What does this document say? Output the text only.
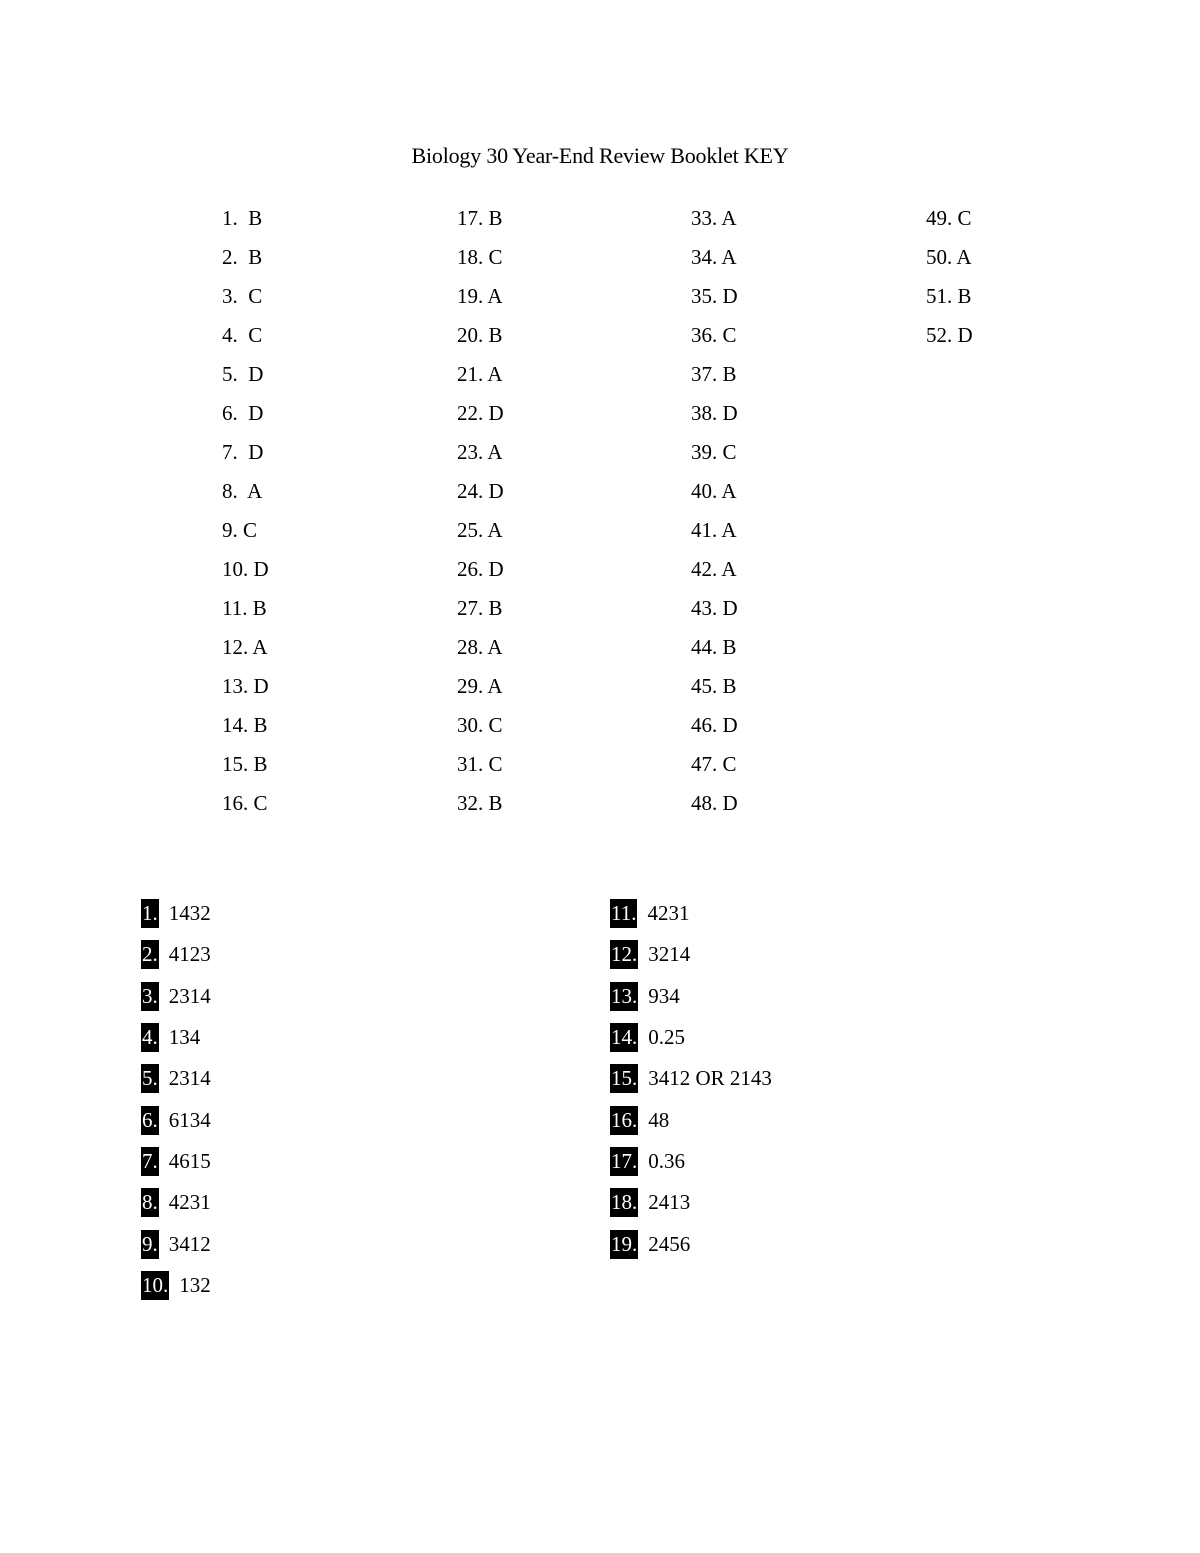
Biology 30 Year-End Review Booklet KEY
1.  B
2.  B
3.  C
4.  C
5.  D
6.  D
7.  D
8.  A
9. C
10. D
11. B
12. A
13. D
14. B
15. B
16. C
17. B
18. C
19. A
20. B
21. A
22. D
23. A
24. D
25. A
26. D
27. B
28. A
29. A
30. C
31. C
32. B
33. A
34. A
35. D
36. C
37. B
38. D
39. C
40. A
41. A
42. A
43. D
44. B
45. B
46. D
47. C
48. D
49. C
50. A
51. B
52. D
1. 1432
2. 4123
3. 2314
4. 134
5. 2314
6. 6134
7. 4615
8. 4231
9. 3412
10. 132
11. 4231
12. 3214
13. 934
14. 0.25
15. 3412 OR 2143
16. 48
17. 0.36
18. 2413
19. 2456
